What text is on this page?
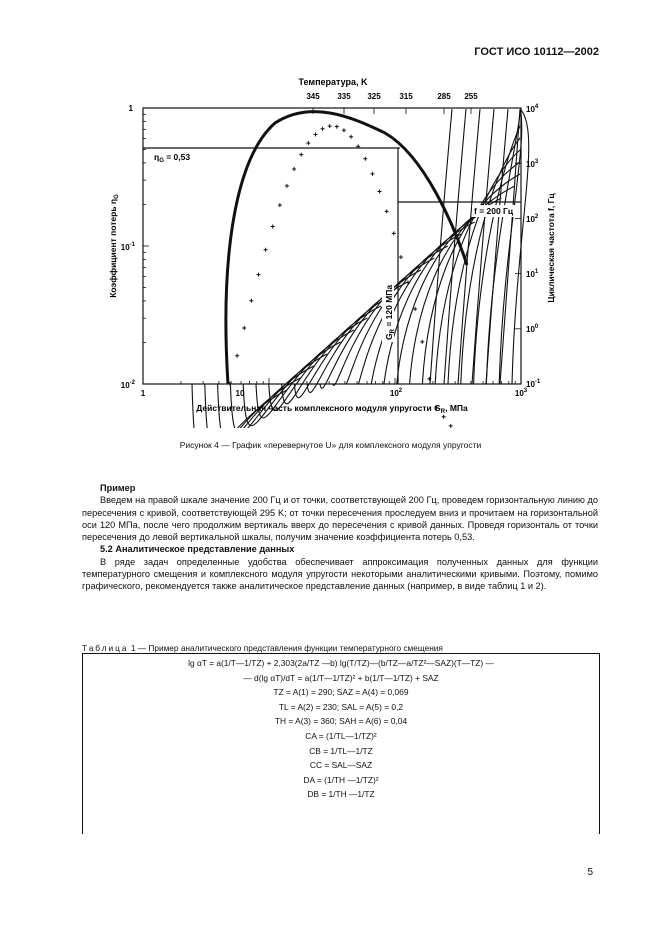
ГОСТ ИСО 10112—2002
Температура, K
345 335 325 315	285 255
1
$10^{-1}$
$10^{-2}$
1	10	$10^2$	$10^3$
Действительная часть комплексного модуля упругости $G_R$, МПа
Коэффициент потерь $\eta_G$
$10^4$
$10^3$
$10^2$
$10^1$
$10^0$
$10^{-1}$
Циклическая частота f, Гц
$\eta_G = 0,53$
f = 200 Гц
$G_R = 120$ МПа
Рисунок 4 — График «перевернутое U» для комплексного модуля упругости
Пример

Введем на правой шкале значение 200 Гц и от точки, соответствующей 200 Гц, проведем горизонтальную линию до пересечения с кривой, соответствующей 295 K; от точки пересечения проследуем вниз и прочитаем на горизонтальной оси 120 МПа, после чего продолжим вертикаль вверх до пересечения с кривой данных. Проведя горизонталь от точки пересечения до левой вертикальной шкалы, получим значение коэффициента потерь 0,53.

5.2 Аналитическое представление данных

В ряде задач определенные удобства обеспечивает аппроксимация полученных данных для функции температурного смещения и комплексного модуля упругости некоторыми аналитическими кривыми. Поэтому, помимо графического, рекомендуется также аналитическое представление данных (например, в виде таблиц 1 и 2).

Таблица 1 — Пример аналитического представления функции температурного смещения
lg αT = a(1/T—1/TZ) + 2,303(2a/TZ —b) lg(T/TZ)—(b/TZ—a/TZ²—SAZ)(T—TZ) —
— d(lg αT)/dT = a(1/T—1/TZ)² + b(1/T—1/TZ) + SAZ
TZ = A(1) = 290; SAZ = A(4) = 0,069
TL = A(2) = 230; SAL = A(5) = 0,2
TH = A(3) = 360; SAH = A(6) = 0,04
CA = (1/TL—1/TZ)²
CB = 1/TL—1/TZ
CC = SAL—SAZ
DA = (1/TH —1/TZ)²
DB = 1/TH —1/TZ
5
